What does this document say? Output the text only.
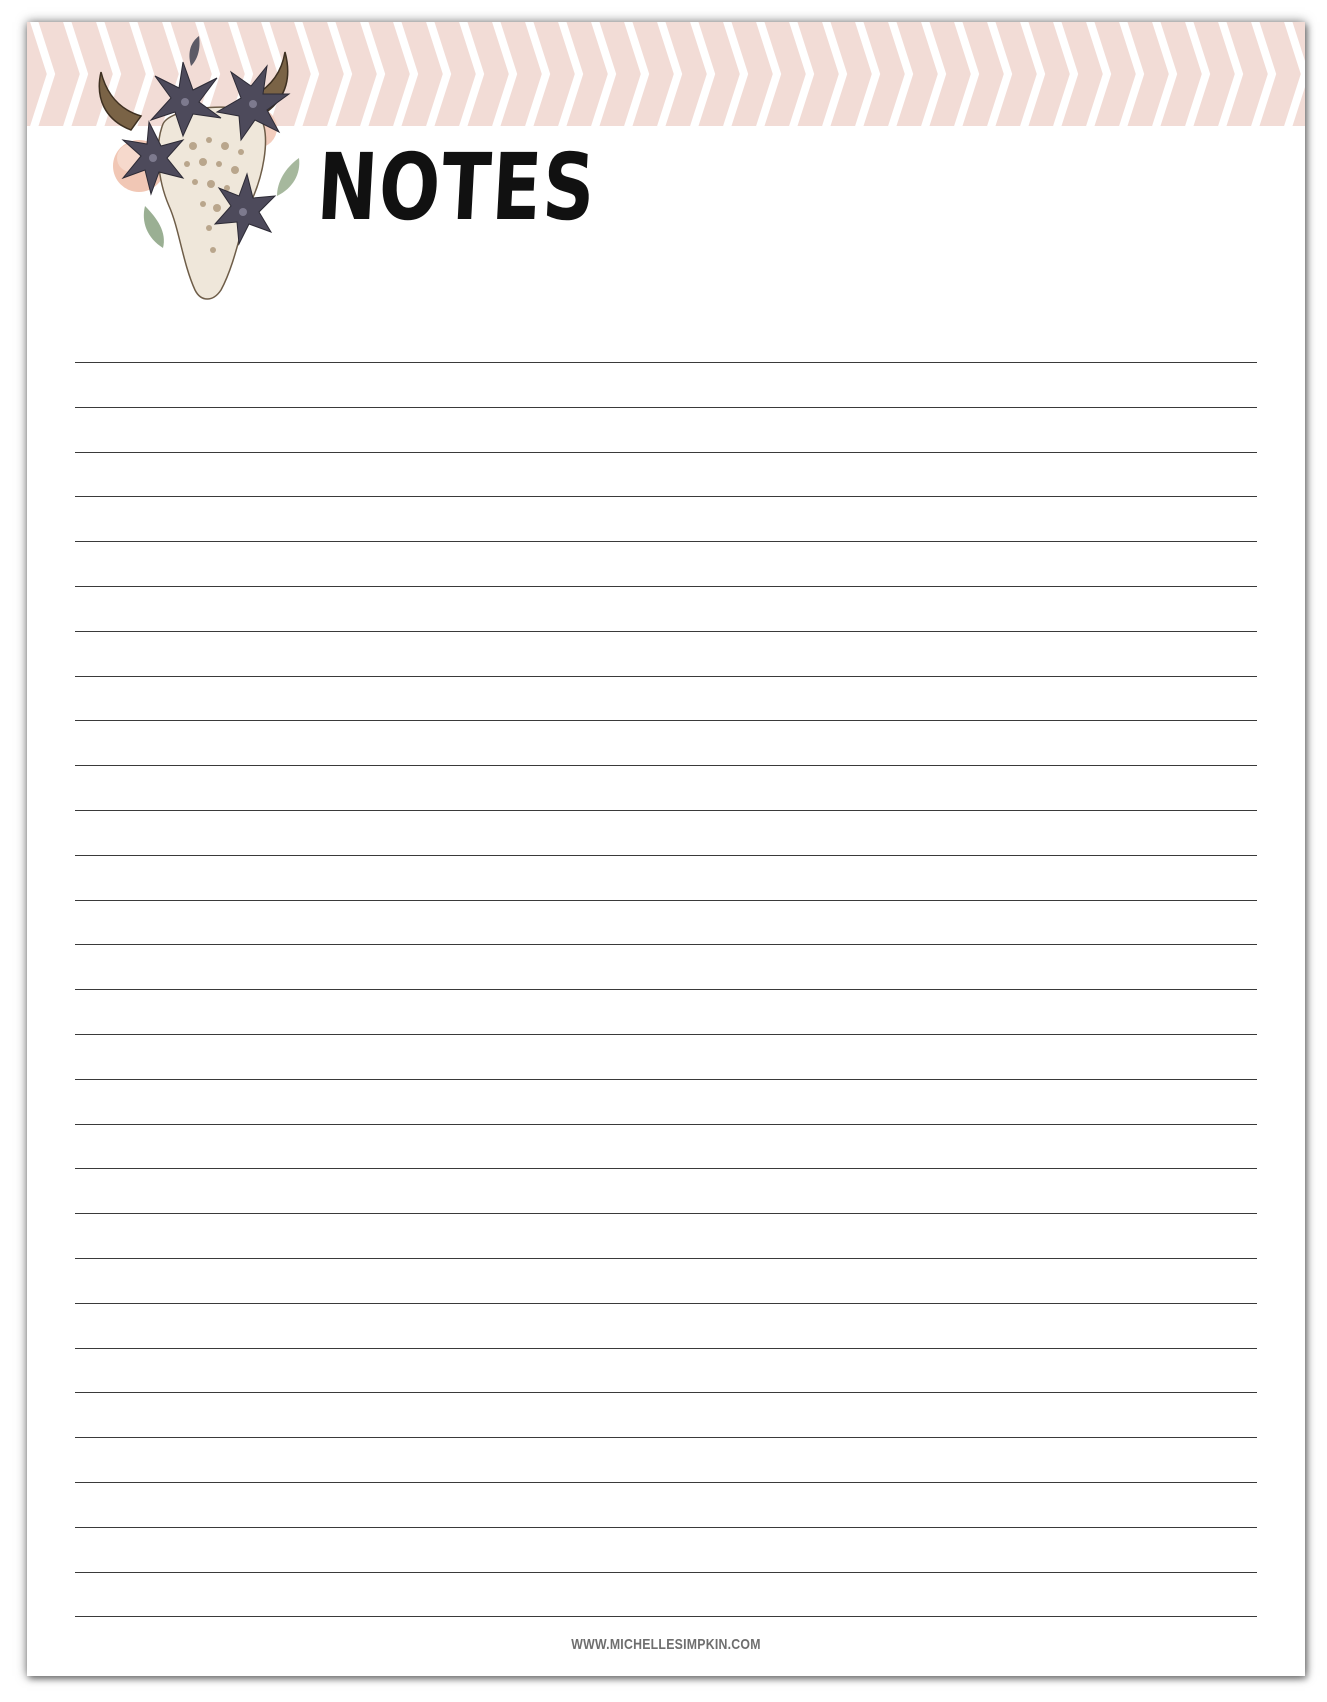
NOTES
WWW.MICHELLESIMPKIN.COM
